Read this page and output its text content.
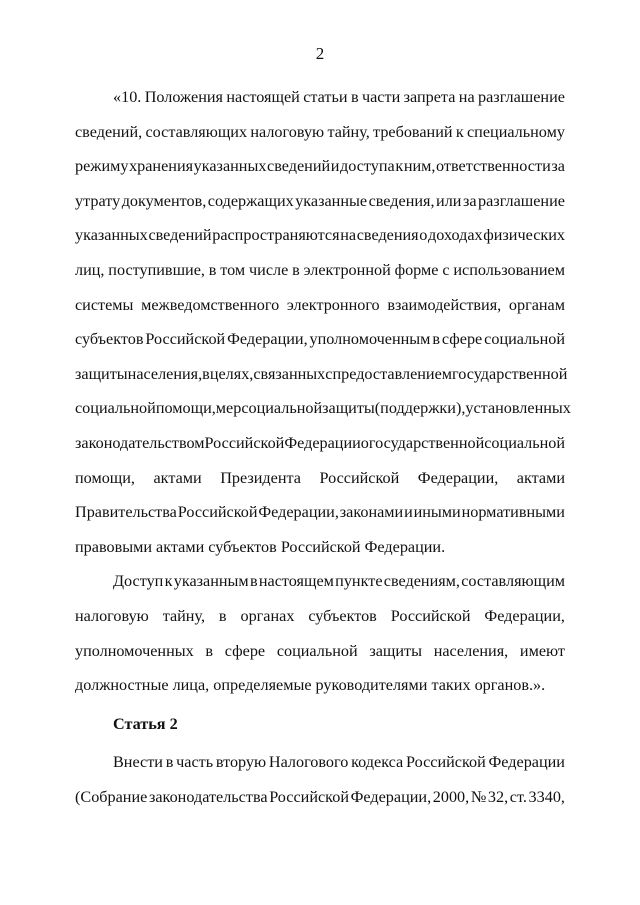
2
«10. Положения настоящей статьи в части запрета на разглашение
сведений, составляющих налоговую тайну, требований к специальному
режиму хранения указанных сведений и доступа к ним, ответственности за
утрату документов, содержащих указанные сведения, или за разглашение
указанных сведений распространяются на сведения о доходах физических
лиц, поступившие, в том числе в электронной форме с использованием
системы межведомственного электронного взаимодействия, органам
субъектов Российской Федерации, уполномоченным в сфере социальной
защиты населения, в целях, связанных с предоставлением государственной
социальной помощи, мер социальной защиты (поддержки), установленных
законодательством Российской Федерации о государственной социальной
помощи, актами Президента Российской Федерации, актами
Правительства Российской Федерации, законами и иными нормативными
правовыми актами субъектов Российской Федерации.
Доступ к указанным в настоящем пункте сведениям, составляющим
налоговую тайну, в органах субъектов Российской Федерации,
уполномоченных в сфере социальной защиты населения, имеют
должностные лица, определяемые руководителями таких органов.».
Статья 2
Внести в часть вторую Налогового кодекса Российской Федерации
(Собрание законодательства Российской Федерации, 2000, № 32, ст. 3340,
